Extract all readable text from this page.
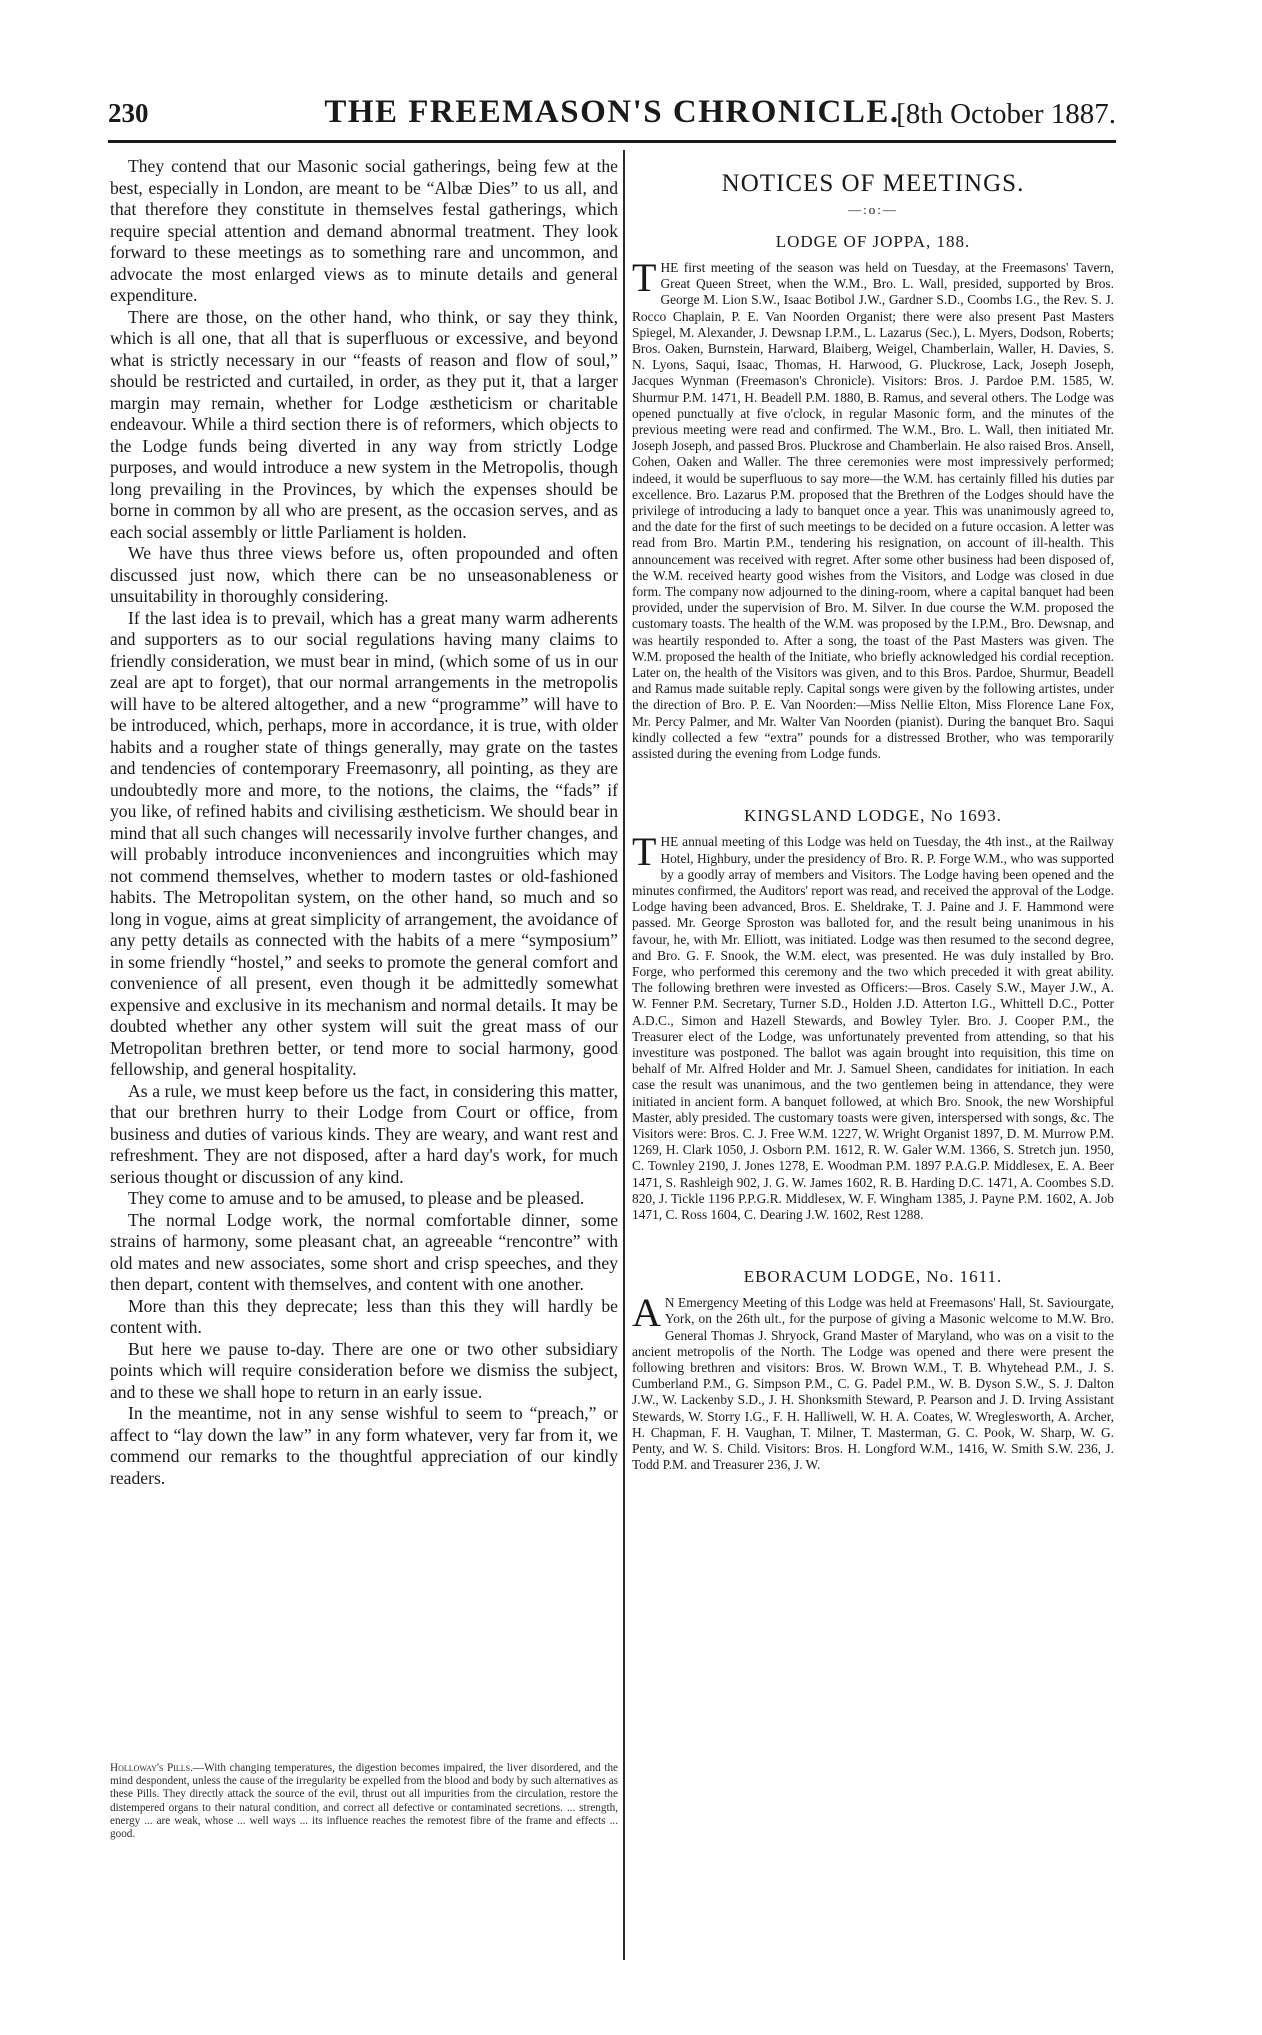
230	THE FREEMASON'S CHRONICLE.
[8th October 1887.

They contend that our Masonic social gatherings, being few at the best, especially in London, are meant to be “Albæ Dies” to us all, and that therefore they constitute in themselves festal gatherings, which require special attention and demand abnormal treatment. They look forward to these meetings as to something rare and uncommon, and advocate the most enlarged views as to minute details and general expenditure.

There are those, on the other hand, who think, or say they think, which is all one, that all that is superfluous or excessive, and beyond what is strictly necessary in our “feasts of reason and flow of soul,” should be restricted and curtailed, in order, as they put it, that a larger margin may remain, whether for Lodge æstheticism or charitable endeavour. While a third section there is of reformers, which objects to the Lodge funds being diverted in any way from strictly Lodge purposes, and would introduce a new system in the Metropolis, though long prevailing in the Provinces, by which the expenses should be borne in common by all who are present, as the occasion serves, and as each social assembly or little Parliament is holden.

We have thus three views before us, often propounded and often discussed just now, which there can be no unseasonableness or unsuitability in thoroughly considering.

If the last idea is to prevail, which has a great many warm adherents and supporters as to our social regulations having many claims to friendly consideration, we must bear in mind, (which some of us in our zeal are apt to forget), that our normal arrangements in the metropolis will have to be altered altogether, and a new “programme” will have to be introduced, which, perhaps, more in accordance, it is true, with older habits and a rougher state of things generally, may grate on the tastes and tendencies of contemporary Freemasonry, all pointing, as they are undoubtedly more and more, to the notions, the claims, the “fads” if you like, of refined habits and civilising æstheticism. We should bear in mind that all such changes will necessarily involve further changes, and will probably introduce inconveniences and incongruities which may not commend themselves, whether to modern tastes or old-fashioned habits. The Metropolitan system, on the other hand, so much and so long in vogue, aims at great simplicity of arrangement, the avoidance of any petty details as connected with the habits of a mere “symposium” in some friendly “hostel,” and seeks to promote the general comfort and convenience of all present, even though it be admittedly somewhat expensive and exclusive in its mechanism and normal details. It may be doubted whether any other system will suit the great mass of our Metropolitan brethren better, or tend more to social harmony, good fellowship, and general hospitality.

As a rule, we must keep before us the fact, in considering this matter, that our brethren hurry to their Lodge from Court or office, from business and duties of various kinds. They are weary, and want rest and refreshment. They are not disposed, after a hard day's work, for much serious thought or discussion of any kind.

They come to amuse and to be amused, to please and be pleased.

The normal Lodge work, the normal comfortable dinner, some strains of harmony, some pleasant chat, an agreeable “rencontre” with old mates and new associates, some short and crisp speeches, and they then depart, content with themselves, and content with one another.

More than this they deprecate; less than this they will hardly be content with.

But here we pause to-day. There are one or two other subsidiary points which will require consideration before we dismiss the subject, and to these we shall hope to return in an early issue.

In the meantime, not in any sense wishful to seem to “preach,” or affect to “lay down the law” in any form whatever, very far from it, we commend our remarks to the thoughtful appreciation of our kindly readers.

Holloway's Pills.—With changing temperatures, the digestion becomes impaired, the liver disordered, and the mind despondent, unless the cause of the irregularity be expelled from the blood and body by such alternatives as these Pills. They directly attack the source of the evil, thrust out all impurities from the circulation, restore the distempered organs to their natural condition, and correct all defective or contaminated secretions. ... strength, energy ... are weak, whose ... well ways ... its influence reaches the remotest fibre of the frame and effects ... good.
NOTICES OF MEETINGS.
—:o:—
LODGE OF JOPPA, 188.

THE first meeting of the season was held on Tuesday, at the Freemasons' Tavern, Great Queen Street, when the W.M., Bro. L. Wall, presided, supported by Bros. George M. Lion S.W., Isaac Botibol J.W., Gardner S.D., Coombs I.G., the Rev. S. J. Rocco Chaplain, P. E. Van Noorden Organist; there were also present Past Masters Spiegel, M. Alexander, J. Dewsnap I.P.M., L. Lazarus (Sec.), L. Myers, Dodson, Roberts; Bros. Oaken, Burnstein, Harward, Blaiberg, Weigel, Chamberlain, Waller, H. Davies, S. N. Lyons, Saqui, Isaac, Thomas, H. Harwood, G. Pluckrose, Lack, Joseph Joseph, Jacques Wynman (Freemason's Chronicle). Visitors: Bros. J. Pardoe P.M. 1585, W. Shurmur P.M. 1471, H. Beadell P.M. 1880, B. Ramus, and several others. The Lodge was opened punctually at five o'clock, in regular Masonic form, and the minutes of the previous meeting were read and confirmed. The W.M., Bro. L. Wall, then initiated Mr. Joseph Joseph, and passed Bros. Pluckrose and Chamberlain. He also raised Bros. Ansell, Cohen, Oaken and Waller. The three ceremonies were most impressively performed; indeed, it would be superfluous to say more—the W.M. has certainly filled his duties par excellence. Bro. Lazarus P.M. proposed that the Brethren of the Lodges should have the privilege of introducing a lady to banquet once a year. This was unanimously agreed to, and the date for the first of such meetings to be decided on a future occasion. A letter was read from Bro. Martin P.M., tendering his resignation, on account of ill-health. This announcement was received with regret. After some other business had been disposed of, the W.M. received hearty good wishes from the Visitors, and Lodge was closed in due form. The company now adjourned to the dining-room, where a capital banquet had been provided, under the supervision of Bro. M. Silver. In due course the W.M. proposed the customary toasts. The health of the W.M. was proposed by the I.P.M., Bro. Dewsnap, and was heartily responded to. After a song, the toast of the Past Masters was given. The W.M. proposed the health of the Initiate, who briefly acknowledged his cordial reception. Later on, the health of the Visitors was given, and to this Bros. Pardoe, Shurmur, Beadell and Ramus made suitable reply. Capital songs were given by the following artistes, under the direction of Bro. P. E. Van Noorden:—Miss Nellie Elton, Miss Florence Lane Fox, Mr. Percy Palmer, and Mr. Walter Van Noorden (pianist). During the banquet Bro. Saqui kindly collected a few “extra” pounds for a distressed Brother, who was temporarily assisted during the evening from Lodge funds.

KINGSLAND LODGE, No 1693.

THE annual meeting of this Lodge was held on Tuesday, the 4th inst., at the Railway Hotel, Highbury, under the presidency of Bro. R. P. Forge W.M., who was supported by a goodly array of members and Visitors. The Lodge having been opened and the minutes confirmed, the Auditors' report was read, and received the approval of the Lodge. Lodge having been advanced, Bros. E. Sheldrake, T. J. Paine and J. F. Hammond were passed. Mr. George Sproston was balloted for, and the result being unanimous in his favour, he, with Mr. Elliott, was initiated. Lodge was then resumed to the second degree, and Bro. G. F. Snook, the W.M. elect, was presented. He was duly installed by Bro. Forge, who performed this ceremony and the two which preceded it with great ability. The following brethren were invested as Officers:—Bros. Casely S.W., Mayer J.W., A. W. Fenner P.M. Secretary, Turner S.D., Holden J.D. Atterton I.G., Whittell D.C., Potter A.D.C., Simon and Hazell Stewards, and Bowley Tyler. Bro. J. Cooper P.M., the Treasurer elect of the Lodge, was unfortunately prevented from attending, so that his investiture was postponed. The ballot was again brought into requisition, this time on behalf of Mr. Alfred Holder and Mr. J. Samuel Sheen, candidates for initiation. In each case the result was unanimous, and the two gentlemen being in attendance, they were initiated in ancient form. A banquet followed, at which Bro. Snook, the new Worshipful Master, ably presided. The customary toasts were given, interspersed with songs, &c. The Visitors were: Bros. C. J. Free W.M. 1227, W. Wright Organist 1897, D. M. Murrow P.M. 1269, H. Clark 1050, J. Osborn P.M. 1612, R. W. Galer W.M. 1366, S. Stretch jun. 1950, C. Townley 2190, J. Jones 1278, E. Woodman P.M. 1897 P.A.G.P. Middlesex, E. A. Beer 1471, S. Rashleigh 902, J. G. W. James 1602, R. B. Harding D.C. 1471, A. Coombes S.D. 820, J. Tickle 1196 P.P.G.R. Middlesex, W. F. Wingham 1385, J. Payne P.M. 1602, A. Job 1471, C. Ross 1604, C. Dearing J.W. 1602, Rest 1288.

EBORACUM LODGE, No. 1611.

A N Emergency Meeting of this Lodge was held at Freemasons' Hall, St. Saviourgate, York, on the 26th ult., for the purpose of giving a Masonic welcome to M.W. Bro. General Thomas J. Shryock, Grand Master of Maryland, who was on a visit to the ancient metropolis of the North. The Lodge was opened and there were present the following brethren and visitors: Bros. W. Brown W.M., T. B. Whytehead P.M., J. S. Cumberland P.M., G. Simpson P.M., C. G. Padel P.M., W. B. Dyson S.W., S. J. Dalton J.W., W. Lackenby S.D., J. H. Shonksmith Steward, P. Pearson and J. D. Irving Assistant Stewards, W. Storry I.G., F. H. Halliwell, W. H. A. Coates, W. Wreglesworth, A. Archer, H. Chapman, F. H. Vaughan, T. Milner, T. Masterman, G. C. Pook, W. Sharp, W. G. Penty, and W. S. Child. Visitors: Bros. H. Longford W.M., 1416, W. Smith S.W. 236, J. Todd P.M. and Treasurer 236, J. W.
